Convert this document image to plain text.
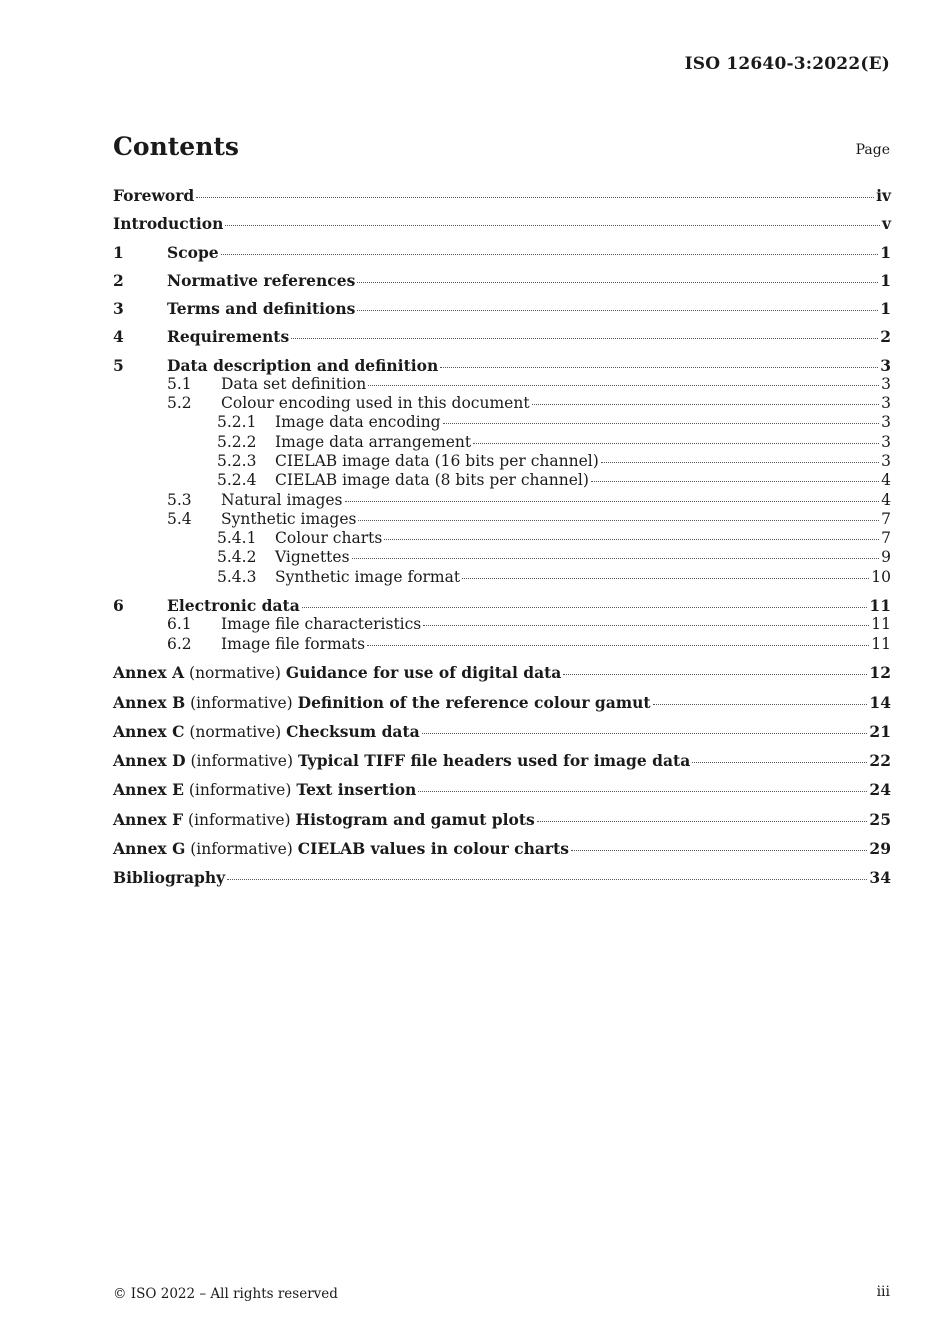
ISO 12640-3:2022(E)
Contents	Page
Foreword	iv
Introduction	v
1	Scope	1
2	Normative references	1
3	Terms and definitions	1
4	Requirements	2
5	Data description and definition	3
5.1	Data set definition	3
5.2	Colour encoding used in this document	3
5.2.1	Image data encoding	3
5.2.2	Image data arrangement	3
5.2.3	CIELAB image data (16 bits per channel)	3
5.2.4	CIELAB image data (8 bits per channel)	4
5.3	Natural images	4
5.4	Synthetic images	7
5.4.1	Colour charts	7
5.4.2	Vignettes	9
5.4.3	Synthetic image format	10
6	Electronic data	11
6.1	Image file characteristics	11
6.2	Image file formats	11
Annex A (normative) Guidance for use of digital data	12
Annex B (informative) Definition of the reference colour gamut	14
Annex C (normative) Checksum data	21
Annex D (informative) Typical TIFF file headers used for image data	22
Annex E (informative) Text insertion	24
Annex F (informative) Histogram and gamut plots	25
Annex G (informative) CIELAB values in colour charts	29
Bibliography	34
© ISO 2022 – All rights reserved	iii
